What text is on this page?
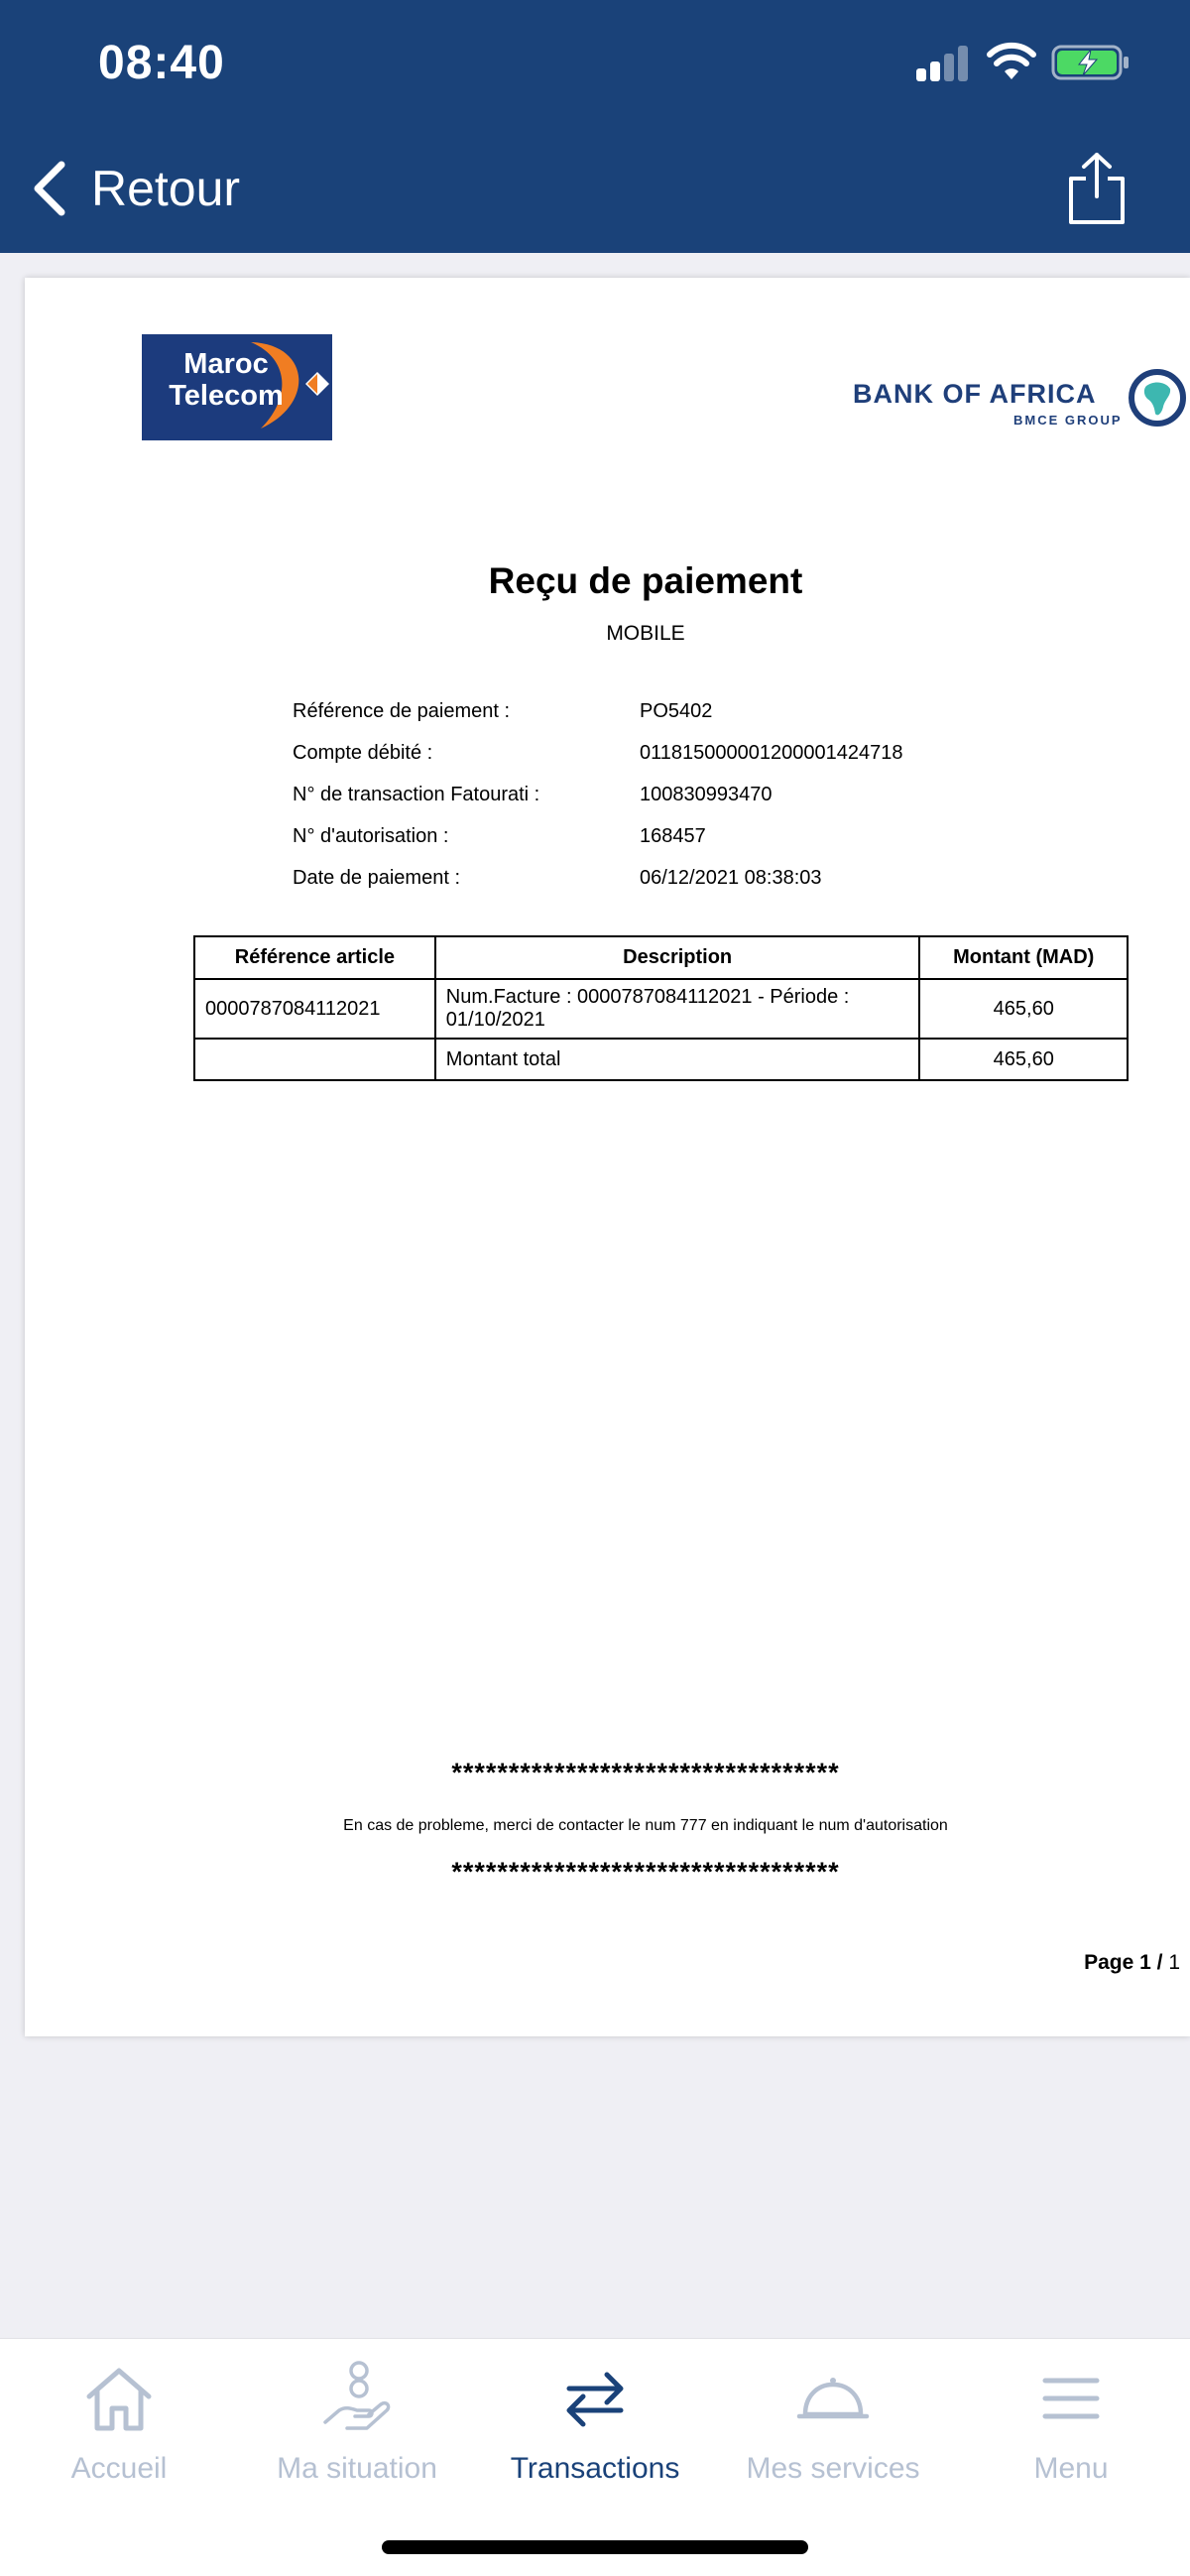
08:40
Retour
Maroc Telecom	BANK OF AFRICA
BMCE GROUP
Reçu de paiement
MOBILE
Référence de paiement :	PO5402
Compte débité :	011815000001200001424718
N° de transaction Fatourati :	100830993470
N° d'autorisation :	168457
Date de paiement :	06/12/2021 08:38:03
Référence article	Description	Montant (MAD)
0000787084112021	Num.Facture : 0000787084112021 - Période : 01/10/2021	465,60
	Montant total	465,60
**********************************
En cas de probleme, merci de contacter le num 777 en indiquant le num d'autorisation
**********************************
Page 1 / 1
Accueil	Ma situation	Transactions	Mes services	Menu
